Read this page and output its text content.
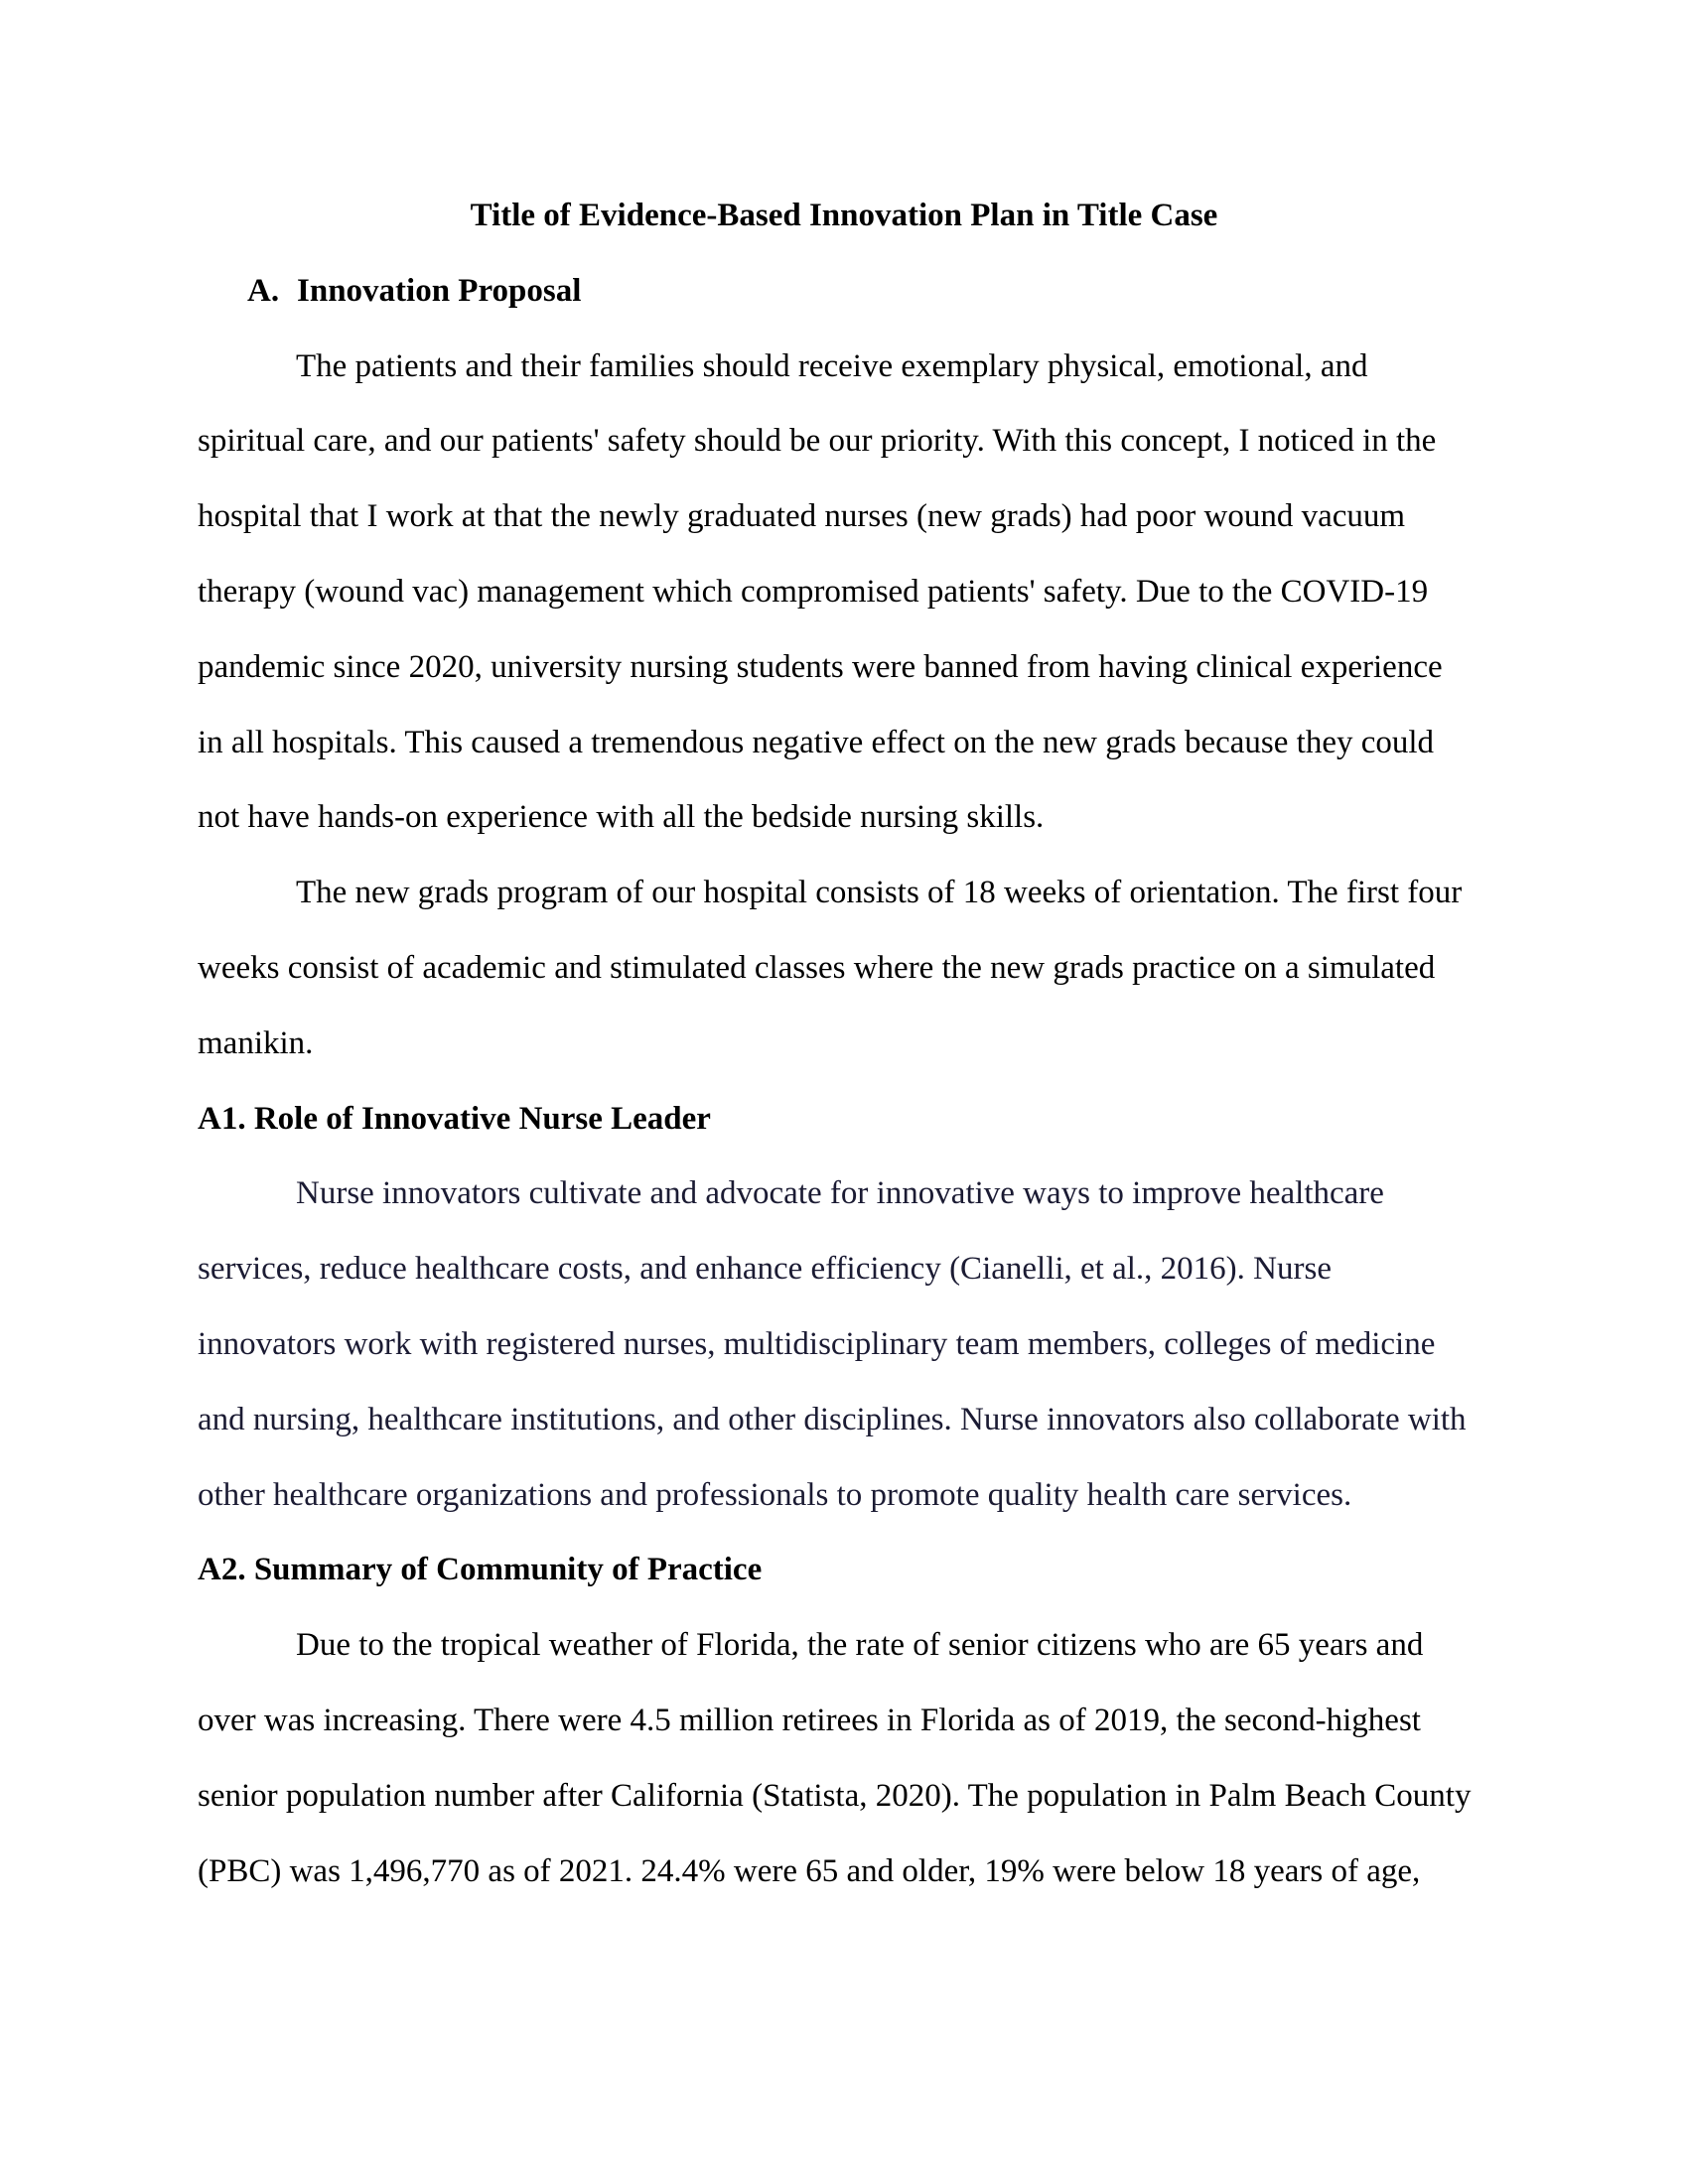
Title of Evidence-Based Innovation Plan in Title Case
A. Innovation Proposal
The patients and their families should receive exemplary physical, emotional, and
spiritual care, and our patients' safety should be our priority. With this concept, I noticed in the
hospital that I work at that the newly graduated nurses (new grads) had poor wound vacuum
therapy (wound vac) management which compromised patients' safety. Due to the COVID-19
pandemic since 2020, university nursing students were banned from having clinical experience
in all hospitals. This caused a tremendous negative effect on the new grads because they could
not have hands-on experience with all the bedside nursing skills.
The new grads program of our hospital consists of 18 weeks of orientation. The first four
weeks consist of academic and stimulated classes where the new grads practice on a simulated
manikin.
A1. Role of Innovative Nurse Leader
Nurse innovators cultivate and advocate for innovative ways to improve healthcare
services, reduce healthcare costs, and enhance efficiency (Cianelli, et al., 2016). Nurse
innovators work with registered nurses, multidisciplinary team members, colleges of medicine
and nursing, healthcare institutions, and other disciplines. Nurse innovators also collaborate with
other healthcare organizations and professionals to promote quality health care services.
A2. Summary of Community of Practice
Due to the tropical weather of Florida, the rate of senior citizens who are 65 years and
over was increasing. There were 4.5 million retirees in Florida as of 2019, the second-highest
senior population number after California (Statista, 2020). The population in Palm Beach County
(PBC) was 1,496,770 as of 2021. 24.4% were 65 and older, 19% were below 18 years of age,
